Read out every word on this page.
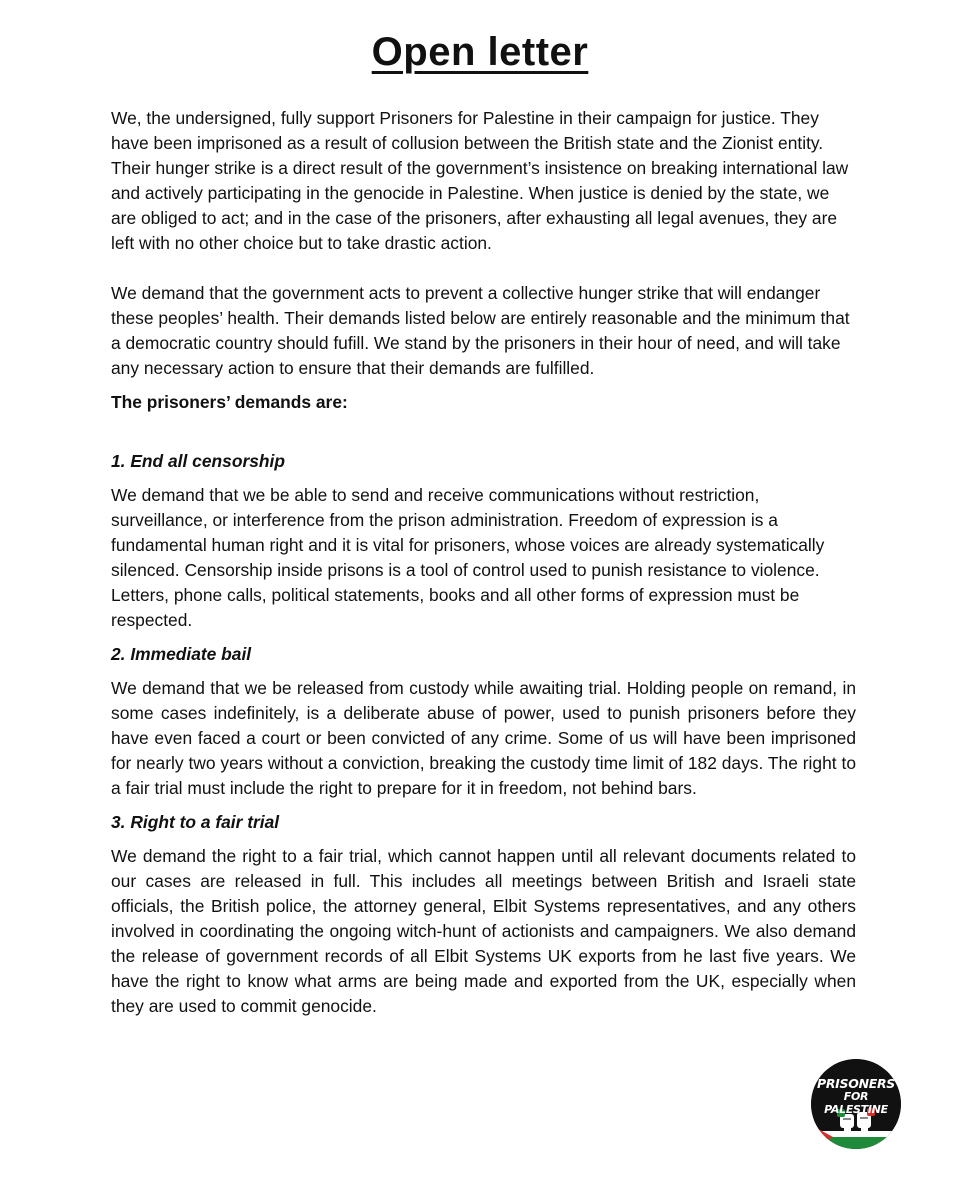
Open letter

We, the undersigned, fully support Prisoners for Palestine in their campaign for justice. They have been imprisoned as a result of collusion between the British state and the Zionist entity. Their hunger strike is a direct result of the government’s insistence on breaking international law and actively participating in the genocide in Palestine. When justice is denied by the state, we are obliged to act; and in the case of the prisoners, after exhausting all legal avenues, they are left with no other choice but to take drastic action.

We demand that the government acts to prevent a collective hunger strike that will endanger these peoples’ health. Their demands listed below are entirely reasonable and the minimum that a democratic country should fufill. We stand by the prisoners in their hour of need, and will take any necessary action to ensure that their demands are fulfilled.

The prisoners’ demands are:

1. End all censorship

We demand that we be able to send and receive communications without restriction, surveillance, or interference from the prison administration. Freedom of expression is a fundamental human right and it is vital for prisoners, whose voices are already systematically silenced. Censorship inside prisons is a tool of control used to punish resistance to violence. Letters, phone calls, political statements, books and all other forms of expression must be respected.

2. Immediate bail

We demand that we be released from custody while awaiting trial. Holding people on remand, in some cases indefinitely, is a deliberate abuse of power, used to punish prisoners before they have even faced a court or been convicted of any crime. Some of us will have been imprisoned for nearly two years without a conviction, breaking the custody time limit of 182 days. The right to a fair trial must include the right to prepare for it in freedom, not behind bars.

3. Right to a fair trial

We demand the right to a fair trial, which cannot happen until all relevant documents related to our cases are released in full. This includes all meetings between British and Israeli state officials, the British police, the attorney general, Elbit Systems representatives, and any others involved in coordinating the ongoing witch-hunt of actionists and campaigners. We also demand the release of government records of all Elbit Systems UK exports from he last five years. We have the right to know what arms are being made and exported from the UK, especially when they are used to commit genocide.

PRISONERS
FOR PALESTINE
